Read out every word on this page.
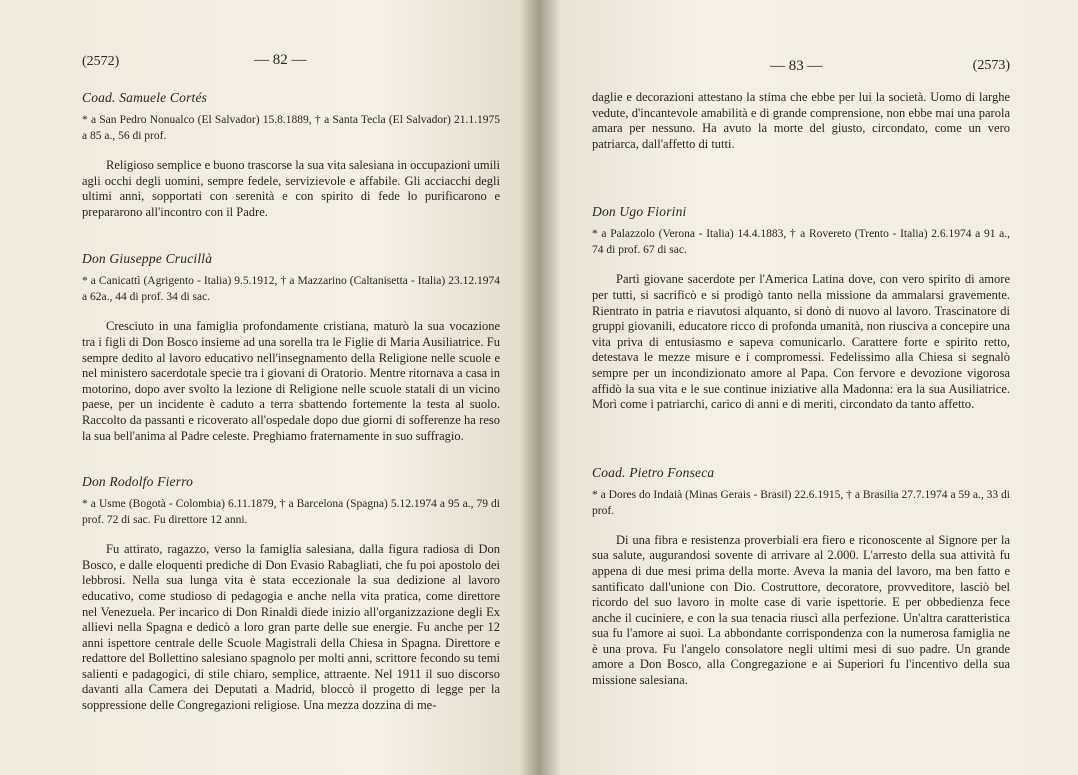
(2572)	— 82 —

Coad. Samuele Cortés

* a San Pedro Nonualco (El Salvador) 15.8.1889, † a Santa Tecla (El Salvador) 21.1.1975 a 85 a., 56 di prof.

Religioso semplice e buono trascorse la sua vita salesiana in occupazioni umili agli occhi degli uomini, sempre fedele, servizievole e affabile. Gli acciacchi degli ultimi anni, sopportati con serenità e con spirito di fede lo purificarono e prepararono all'incontro con il Padre.

Don Giuseppe Crucillà

* a Canicattì (Agrigento - Italia) 9.5.1912, † a Mazzarino (Caltanisetta - Italia) 23.12.1974 a 62a., 44 di prof. 34 di sac.

Cresciuto in una famiglia profondamente cristiana, maturò la sua vocazione tra i figli di Don Bosco insieme ad una sorella tra le Figlie di Maria Ausiliatrice. Fu sempre dedito al lavoro educativo nell'insegnamento della Religione nelle scuole e nel ministero sacerdotale specie tra i giovani di Oratorio. Mentre ritornava a casa in motorino, dopo aver svolto la lezione di Religione nelle scuole statali di un vicino paese, per un incidente è caduto a terra sbattendo fortemente la testa al suolo. Raccolto da passanti e ricoverato all'ospedale dopo due giorni di sofferenze ha reso la sua bell'anima al Padre celeste. Preghiamo fraternamente in suo suffragio.

Don Rodolfo Fierro

* a Usme (Bogotà - Colombia) 6.11.1879, † a Barcelona (Spagna) 5.12.1974 a 95 a., 79 di prof. 72 di sac. Fu direttore 12 anni.

Fu attirato, ragazzo, verso la famiglia salesiana, dalla figura radiosa di Don Bosco, e dalle eloquenti prediche di Don Evasio Rabagliati, che fu poi apostolo dei lebbrosi. Nella sua lunga vita è stata eccezionale la sua dedizione al lavoro educativo, come studioso di pedagogia e anche nella vita pratica, come direttore nel Venezuela. Per incarico di Don Rinaldi diede inizio all'organizzazione degli Ex allievi nella Spagna e dedicò a loro gran parte delle sue energie. Fu anche per 12 anni ispettore centrale delle Scuole Magistrali della Chiesa in Spagna. Direttore e redattore del Bollettino salesiano spagnolo per molti anni, scrittore fecondo su temi salienti e padagogici, di stile chiaro, semplice, attraente. Nel 1911 il suo discorso davanti alla Camera dei Deputati a Madrid, bloccò il progetto di legge per la soppressione delle Congregazioni religiose. Una mezza dozzina di me-

— 83 —	(2573)

daglie e decorazioni attestano la stima che ebbe per lui la società. Uomo di larghe vedute, d'incantevole amabilità e di grande comprensione, non ebbe mai una parola amara per nessuno. Ha avuto la morte del giusto, circondato, come un vero patriarca, dall'affetto di tutti.

Don Ugo Fiorini

* a Palazzolo (Verona - Italia) 14.4.1883, † a Rovereto (Trento - Italia) 2.6.1974 a 91 a., 74 di prof. 67 di sac.

Partì giovane sacerdote per l'America Latina dove, con vero spirito di amore per tutti, si sacrificò e si prodigò tanto nella missione da ammalarsi gravemente. Rientrato in patria e riavutosi alquanto, si donò di nuovo al lavoro. Trascinatore di gruppi giovanili, educatore ricco di profonda umanità, non riusciva a concepire una vita priva di entusiasmo e sapeva comunicarlo. Carattere forte e spirito retto, detestava le mezze misure e i compromessi. Fedelissimo alla Chiesa si segnalò sempre per un incondizionato amore al Papa. Con fervore e devozione vigorosa affidò la sua vita e le sue continue iniziative alla Madonna: era la sua Ausiliatrice. Morì come i patriarchi, carico di anni e di meriti, circondato da tanto affetto.

Coad. Pietro Fonseca

* a Dores do Indaià (Minas Gerais - Brasil) 22.6.1915, † a Brasilia 27.7.1974 a 59 a., 33 di prof.

Di una fibra e resistenza proverbiali era fiero e riconoscente al Signore per la sua salute, augurandosi sovente di arrivare al 2.000. L'arresto della sua attività fu appena di due mesi prima della morte. Aveva la mania del lavoro, ma ben fatto e santificato dall'unione con Dio. Costruttore, decoratore, provveditore, lasciò bel ricordo del suo lavoro in molte case di varie ispettorie. E per obbedienza fece anche il cuciniere, e con la sua tenacia riuscì alla perfezione. Un'altra caratteristica sua fu l'amore ai suoi. La abbondante corrispondenza con la numerosa famiglia ne è una prova. Fu l'angelo consolatore negli ultimi mesi di suo padre. Un grande amore a Don Bosco, alla Congregazione e ai Superiori fu l'incentivo della sua missione salesiana.
